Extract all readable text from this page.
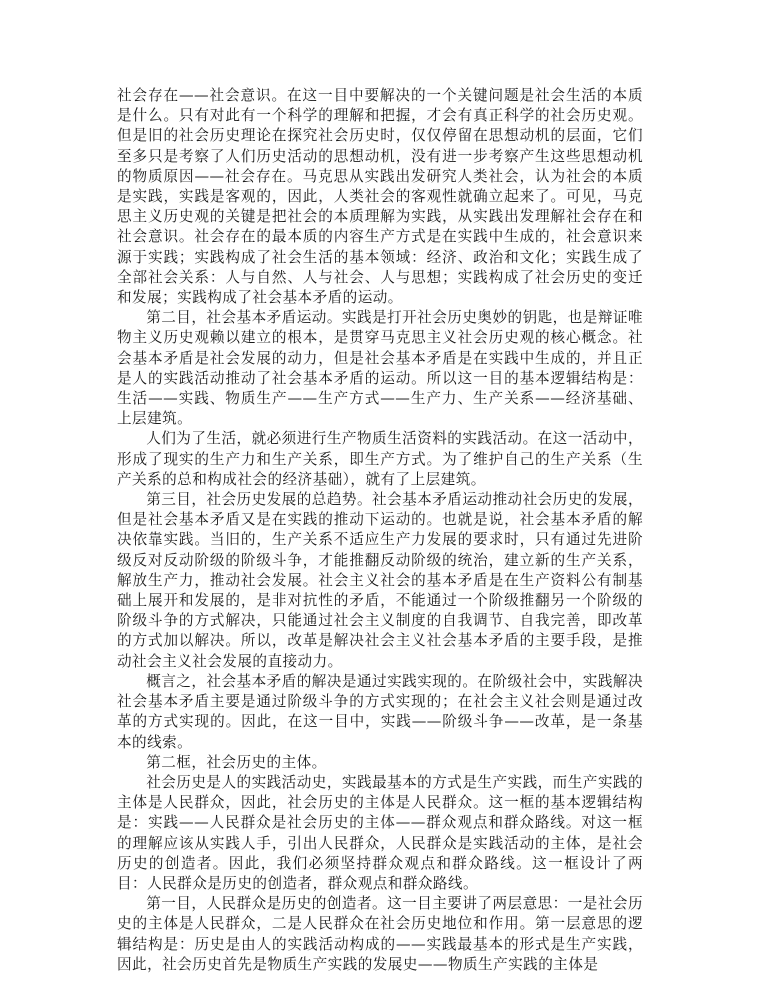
社会存在——社会意识。在这一目中要解决的一个关键问题是社会生活的本质是什么。只有对此有一个科学的理解和把握，才会有真正科学的社会历史观。但是旧的社会历史理论在探究社会历史时，仅仅停留在思想动机的层面，它们至多只是考察了人们历史活动的思想动机，没有进一步考察产生这些思想动机的物质原因——社会存在。马克思从实践出发研究人类社会，认为社会的本质是实践，实践是客观的，因此，人类社会的客观性就确立起来了。可见，马克思主义历史观的关键是把社会的本质理解为实践，从实践出发理解社会存在和社会意识。社会存在的最本质的内容生产方式是在实践中生成的，社会意识来源于实践；实践构成了社会生活的基本领域：经济、政治和文化；实践生成了全部社会关系：人与自然、人与社会、人与思想；实践构成了社会历史的变迁和发展；实践构成了社会基本矛盾的运动。

第二目，社会基本矛盾运动。实践是打开社会历史奥妙的钥匙，也是辩证唯物主义历史观赖以建立的根本，是贯穿马克思主义社会历史观的核心概念。社会基本矛盾是社会发展的动力，但是社会基本矛盾是在实践中生成的，并且正是人的实践活动推动了社会基本矛盾的运动。所以这一目的基本逻辑结构是：生活——实践、物质生产——生产方式——生产力、生产关系——经济基础、上层建筑。

人们为了生活，就必须进行生产物质生活资料的实践活动。在这一活动中，形成了现实的生产力和生产关系，即生产方式。为了维护自己的生产关系（生产关系的总和构成社会的经济基础），就有了上层建筑。

第三目，社会历史发展的总趋势。社会基本矛盾运动推动社会历史的发展，但是社会基本矛盾又是在实践的推动下运动的。也就是说，社会基本矛盾的解决依靠实践。当旧的，生产关系不适应生产力发展的要求时，只有通过先进阶级反对反动阶级的阶级斗争，才能推翻反动阶级的统治，建立新的生产关系，解放生产力，推动社会发展。社会主义社会的基本矛盾是在生产资料公有制基础上展开和发展的，是非对抗性的矛盾，不能通过一个阶级推翻另一个阶级的阶级斗争的方式解决，只能通过社会主义制度的自我调节、自我完善，即改革的方式加以解决。所以，改革是解决社会主义社会基本矛盾的主要手段，是推动社会主义社会发展的直接动力。

概言之，社会基本矛盾的解决是通过实践实现的。在阶级社会中，实践解决社会基本矛盾主要是通过阶级斗争的方式实现的；在社会主义社会则是通过改革的方式实现的。因此，在这一目中，实践——阶级斗争——改革，是一条基本的线索。

第二框，社会历史的主体。

社会历史是人的实践活动史，实践最基本的方式是生产实践，而生产实践的主体是人民群众，因此，社会历史的主体是人民群众。这一框的基本逻辑结构是：实践——人民群众是社会历史的主体——群众观点和群众路线。对这一框的理解应该从实践人手，引出人民群众，人民群众是实践活动的主体，是社会历史的创造者。因此，我们必须坚持群众观点和群众路线。这一框设计了两目：人民群众是历史的创造者，群众观点和群众路线。

第一目，人民群众是历史的创造者。这一目主要讲了两层意思：一是社会历史的主体是人民群众，二是人民群众在社会历史地位和作用。第一层意思的逻辑结构是：历史是由人的实践活动构成的——实践最基本的形式是生产实践，因此，社会历史首先是物质生产实践的发展史——物质生产实践的主体是
